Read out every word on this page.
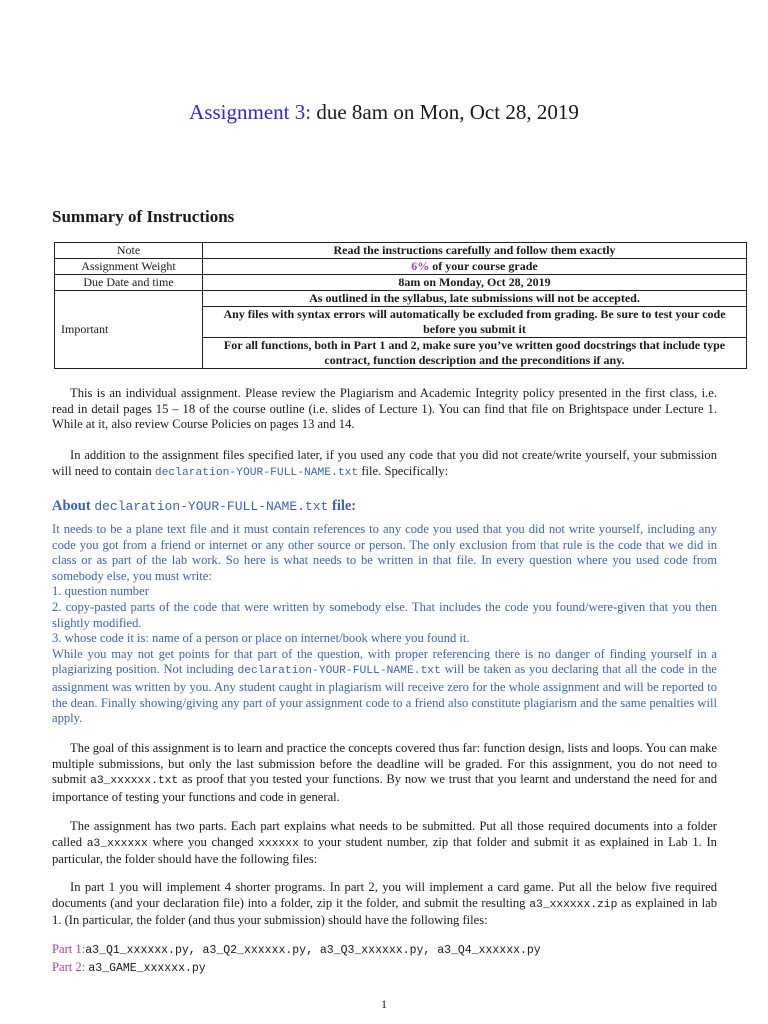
Assignment 3: due 8am on Mon, Oct 28, 2019
Summary of Instructions
Note	Read the instructions carefully and follow them exactly
Assignment Weight	6% of your course grade
Due Date and time	8am on Monday, Oct 28, 2019
Important	As outlined in the syllabus, late submissions will not be accepted.
	Any files with syntax errors will automatically be excluded from grading. Be sure to test your code before you submit it
	For all functions, both in Part 1 and 2, make sure you’ve written good docstrings that include type contract, function description and the preconditions if any.
This is an individual assignment. Please review the Plagiarism and Academic Integrity policy presented in the first class, i.e. read in detail pages 15 – 18 of the course outline (i.e. slides of Lecture 1). You can find that file on Brightspace under Lecture 1. While at it, also review Course Policies on pages 13 and 14.
In addition to the assignment files specified later, if you used any code that you did not create/write yourself, your submission will need to contain declaration-YOUR-FULL-NAME.txt file. Specifically:
About declaration-YOUR-FULL-NAME.txt file:
It needs to be a plane text file and it must contain references to any code you used that you did not write yourself, including any code you got from a friend or internet or any other source or person. The only exclusion from that rule is the code that we did in class or as part of the lab work. So here is what needs to be written in that file. In every question where you used code from somebody else, you must write:
1. question number
2. copy-pasted parts of the code that were written by somebody else. That includes the code you found/were-given that you then slightly modified.
3. whose code it is: name of a person or place on internet/book where you found it.
While you may not get points for that part of the question, with proper referencing there is no danger of finding yourself in a plagiarizing position. Not including declaration-YOUR-FULL-NAME.txt will be taken as you declaring that all the code in the assignment was written by you. Any student caught in plagiarism will receive zero for the whole assignment and will be reported to the dean. Finally showing/giving any part of your assignment code to a friend also constitute plagiarism and the same penalties will apply.
The goal of this assignment is to learn and practice the concepts covered thus far: function design, lists and loops. You can make multiple submissions, but only the last submission before the deadline will be graded. For this assignment, you do not need to submit a3_xxxxxx.txt as proof that you tested your functions. By now we trust that you learnt and understand the need for and importance of testing your functions and code in general.
The assignment has two parts. Each part explains what needs to be submitted. Put all those required documents into a folder called a3_xxxxxx where you changed xxxxxx to your student number, zip that folder and submit it as explained in Lab 1. In particular, the folder should have the following files:
In part 1 you will implement 4 shorter programs. In part 2, you will implement a card game. Put all the below five required documents (and your declaration file) into a folder, zip it the folder, and submit the resulting a3_xxxxxx.zip as explained in lab 1. (In particular, the folder (and thus your submission) should have the following files:
Part 1:a3_Q1_xxxxxx.py, a3_Q2_xxxxxx.py, a3_Q3_xxxxxx.py, a3_Q4_xxxxxx.py
Part 2: a3_GAME_xxxxxx.py
1
